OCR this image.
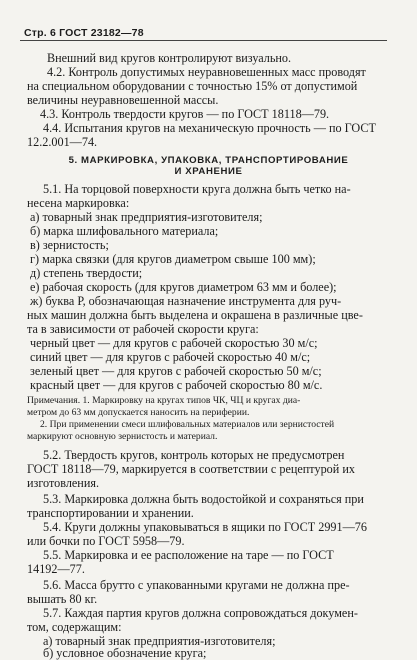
Стр. 6 ГОСТ 23182—78
Внешний вид кругов контролируют визуально.
4.2. Контроль допустимых неуравновешенных масс проводят
на специальном оборудовании с точностью 15% от допустимой
величины неуравновешенной массы.
4.3. Контроль твердости кругов — по ГОСТ 18118—79.
4.4. Испытания кругов на механическую прочность — по ГОСТ
12.2.001—74.
5. МАРКИРОВКА, УПАКОВКА, ТРАНСПОРТИРОВАНИЕ
И ХРАНЕНИЕ
5.1. На торцовой поверхности круга должна быть четко на-
несена маркировка:
а) товарный знак предприятия-изготовителя;
б) марка шлифовального материала;
в) зернистость;
г) марка связки (для кругов диаметром свыше 100 мм);
д) степень твердости;
е) рабочая скорость (для кругов диаметром 63 мм и более);
ж) буква Р, обозначающая назначение инструмента для руч-
ных машин должна быть выделена и окрашена в различные цве-
та в зависимости от рабочей скорости круга:
черный цвет — для кругов с рабочей скоростью 30 м/с;
синий цвет — для кругов с рабочей скоростью 40 м/с;
зеленый цвет — для кругов с рабочей скоростью 50 м/с;
красный цвет — для кругов с рабочей скоростью 80 м/с.
Примечания. 1. Маркировку на кругах типов ЧК, ЧЦ и кругах диа-
метром до 63 мм допускается наносить на периферии.
2. При применении смеси шлифовальных материалов или зернистостей
маркируют основную зернистость и материал.
5.2. Твердость кругов, контроль которых не предусмотрен
ГОСТ 18118—79, маркируется в соответствии с рецептурой их
изготовления.
5.3. Маркировка должна быть водостойкой и сохраняться при
транспортировании и хранении.
5.4. Круги должны упаковываться в ящики по ГОСТ 2991—76
или бочки по ГОСТ 5958—79.
5.5. Маркировка и ее расположение на таре — по ГОСТ
14192—77.
5.6. Масса брутто с упакованными кругами не должна пре-
вышать 80 кг.
5.7. Каждая партия кругов должна сопровождаться докумен-
том, содержащим:
а) товарный знак предприятия-изготовителя;
б) условное обозначение круга;
